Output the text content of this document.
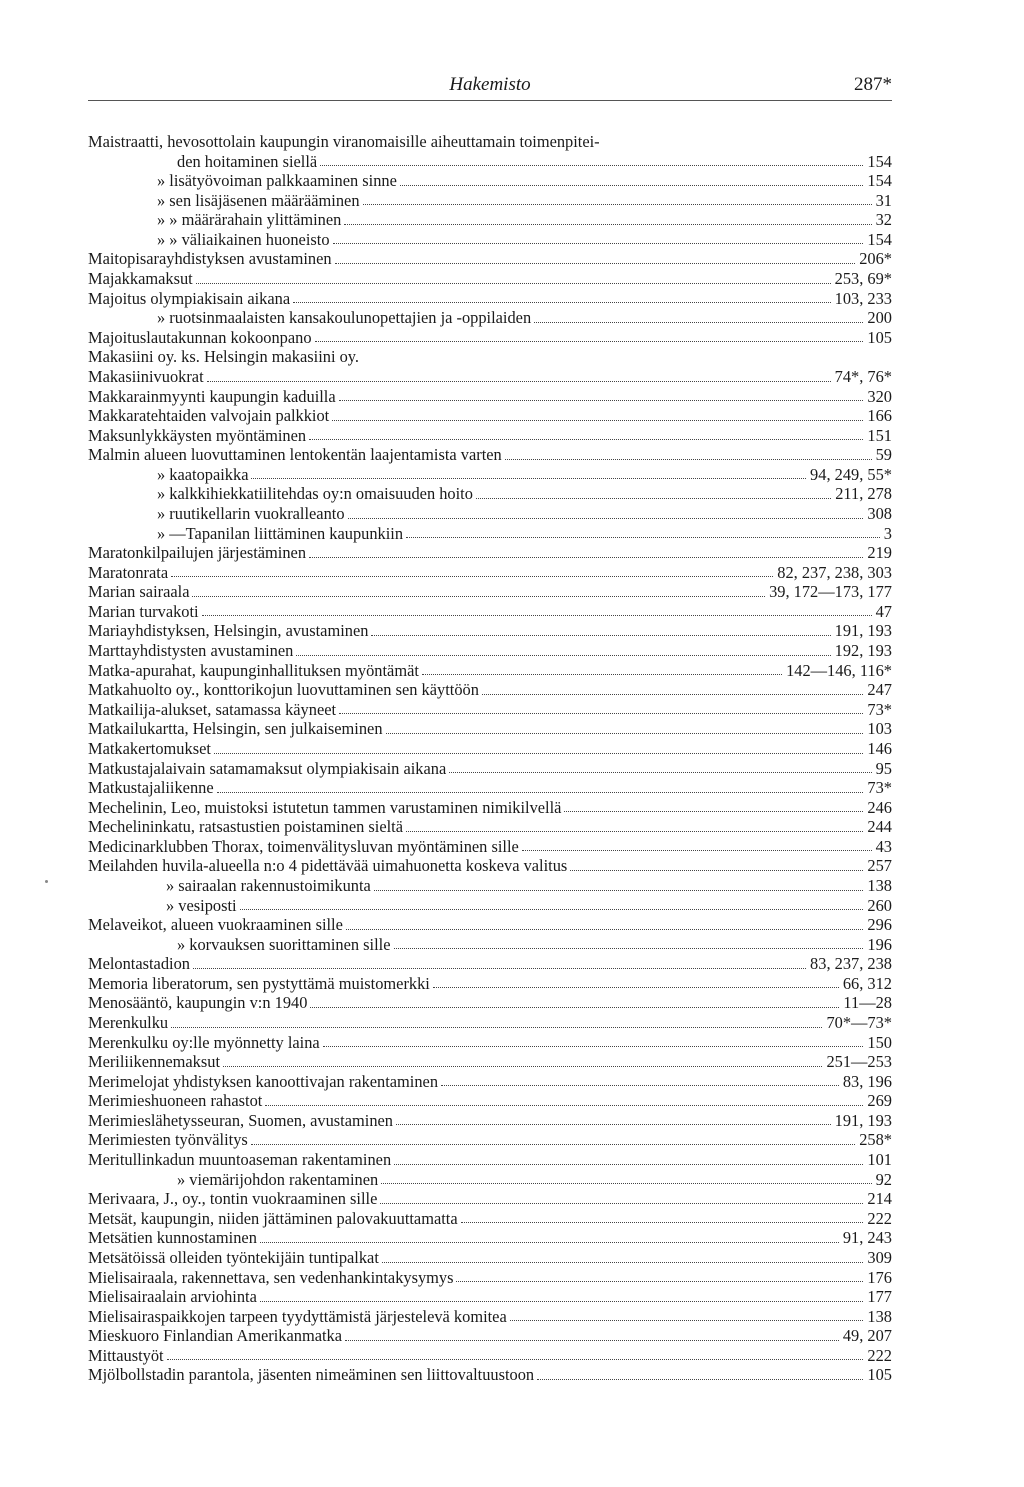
Hakemisto	287*
Maistraatti, hevosottolain kaupungin viranomaisille aiheuttamain toimenpitei-
den hoitaminen siellä	154
» lisätyövoiman palkkaaminen sinne	154
» sen lisäjäsenen määrääminen	31
» » määrärahain ylittäminen	32
» » väliaikainen huoneisto	154
Maitopisarayhdistyksen avustaminen	206*
Majakkamaksut	253, 69*
Majoitus olympiakisain aikana	103, 233
» ruotsinmaalaisten kansakoulunopettajien ja -oppilaiden	200
Majoituslautakunnan kokoonpano	105
Makasiini oy. ks. Helsingin makasiini oy.
Makasiinivuokrat	74*, 76*
Makkarainmyynti kaupungin kaduilla	320
Makkaratehtaiden valvojain palkkiot	166
Maksunlykkäysten myöntäminen	151
Malmin alueen luovuttaminen lentokentän laajentamista varten	59
» kaatopaikka	94, 249, 55*
» kalkkihiekkatiilitehdas oy:n omaisuuden hoito	211, 278
» ruutikellarin vuokralleanto	308
» —Tapanilan liittäminen kaupunkiin	3
Maratonkilpailujen järjestäminen	219
Maratonrata	82, 237, 238, 303
Marian sairaala	39, 172—173, 177
Marian turvakoti	47
Mariayhdistyksen, Helsingin, avustaminen	191, 193
Marttayhdistysten avustaminen	192, 193
Matka-apurahat, kaupunginhallituksen myöntämät	142—146, 116*
Matkahuolto oy., konttorikojun luovuttaminen sen käyttöön	247
Matkailija-alukset, satamassa käyneet	73*
Matkailukartta, Helsingin, sen julkaiseminen	103
Matkakertomukset	146
Matkustajalaivain satamamaksut olympiakisain aikana	95
Matkustajaliikenne	73*
Mechelinin, Leo, muistoksi istutetun tammen varustaminen nimikilvellä	246
Mechelininkatu, ratsastustien poistaminen sieltä	244
Medicinarklubben Thorax, toimenvälitysluvan myöntäminen sille	43
Meilahden huvila-alueella n:o 4 pidettävää uimahuonetta koskeva valitus	257
» sairaalan rakennustoimikunta	138
» vesiposti	260
Melaveikot, alueen vuokraaminen sille	296
» korvauksen suorittaminen sille	196
Melontastadion	83, 237, 238
Memoria liberatorum, sen pystyttämä muistomerkki	66, 312
Menosääntö, kaupungin v:n 1940	11—28
Merenkulku	70*—73*
Merenkulku oy:lle myönnetty laina	150
Meriliikennemaksut	251—253
Merimelojat yhdistyksen kanoottivajan rakentaminen	83, 196
Merimieshuoneen rahastot	269
Merimieslähetysseuran, Suomen, avustaminen	191, 193
Merimiesten työnvälitys	258*
Meritullinkadun muuntoaseman rakentaminen	101
» viemärijohdon rakentaminen	92
Merivaara, J., oy., tontin vuokraaminen sille	214
Metsät, kaupungin, niiden jättäminen palovakuuttamatta	222
Metsätien kunnostaminen	91, 243
Metsätöissä olleiden työntekijäin tuntipalkat	309
Mielisairaala, rakennettava, sen vedenhankintakysymys	176
Mielisairaalain arviohinta	177
Mielisairaspaikkojen tarpeen tyydyttämistä järjestelevä komitea	138
Mieskuoro Finlandian Amerikanmatka	49, 207
Mittaustyöt	222
Mjölbollstadin parantola, jäsenten nimeäminen sen liittovaltuustoon	105
